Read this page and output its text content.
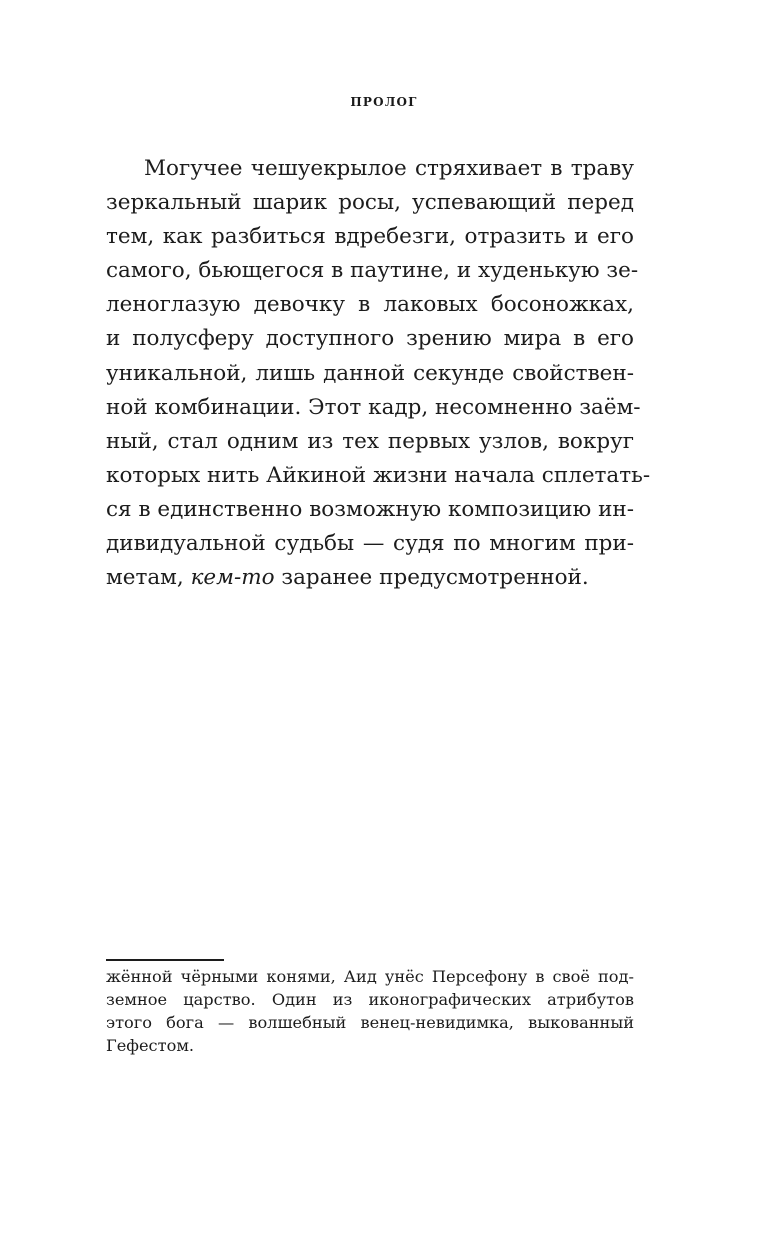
ПРОЛОГ
Могучее чешуекрылое стряхивает в траву
зеркальный шарик росы, успевающий перед
тем, как разбиться вдребезги, отразить и его
самого, бьющегося в паутине, и худенькую зе-
леноглазую девочку в лаковых босоножках,
и полусферу доступного зрению мира в его
уникальной, лишь данной секунде свойствен-
ной комбинации. Этот кадр, несомненно заём-
ный, стал одним из тех первых узлов, вокруг
которых нить Айкиной жизни начала сплетать-
ся в единственно возможную композицию ин-
дивидуальной судьбы — судя по многим при-
метам, кем-то заранее предусмотренной.
жённой чёрными конями, Аид унёс Персефону в своё под-
земное царство. Один из иконографических атрибутов
этого бога — волшебный венец-невидимка, выкованный
Гефестом.
